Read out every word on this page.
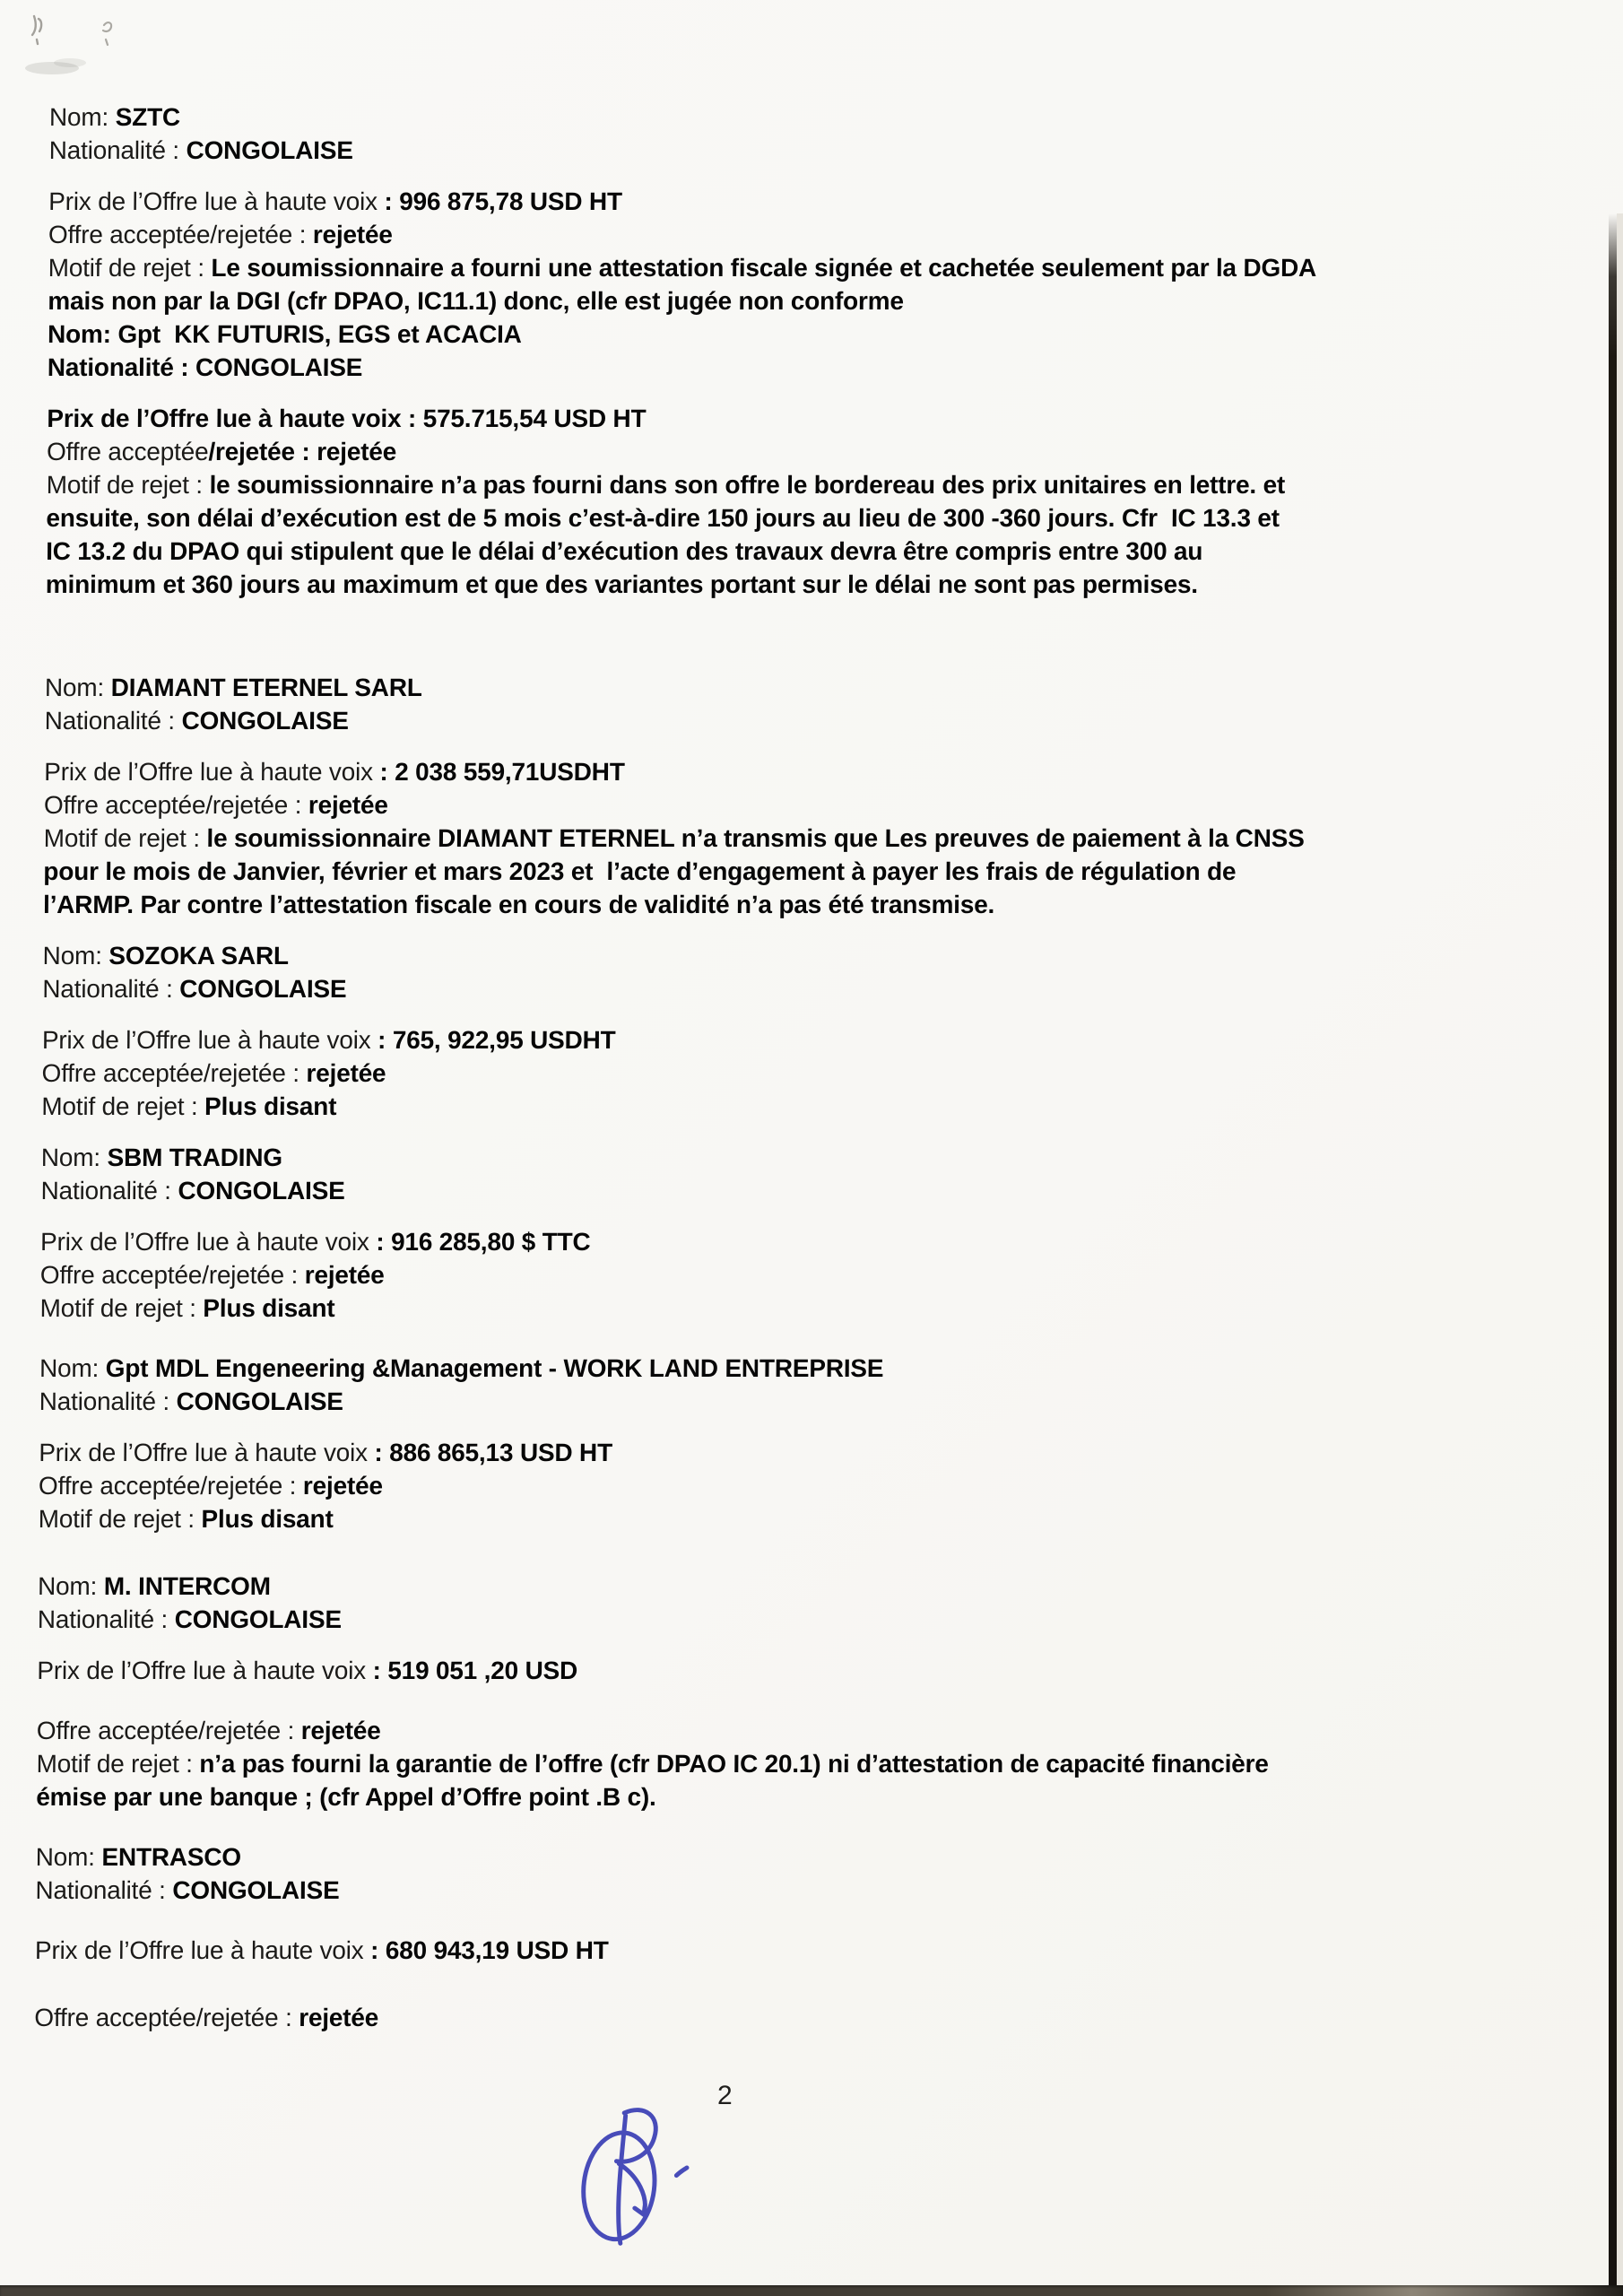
Nom: SZTC
Nationalité : CONGOLAISE
Prix de l’Offre lue à haute voix : 996 875,78 USD HT
Offre acceptée/rejetée : rejetée
Motif de rejet : Le soumissionnaire a fourni une attestation fiscale signée et cachetée seulement par la DGDA
mais non par la DGI (cfr DPAO, IC11.1) donc, elle est jugée non conforme
Nom: Gpt  KK FUTURIS, EGS et ACACIA
Nationalité : CONGOLAISE
Prix de l’Offre lue à haute voix : 575.715,54 USD HT
Offre acceptée/rejetée : rejetée
Motif de rejet : le soumissionnaire n’a pas fourni dans son offre le bordereau des prix unitaires en lettre. et
ensuite, son délai d’exécution est de 5 mois c’est-à-dire 150 jours au lieu de 300 -360 jours. Cfr  IC 13.3 et
IC 13.2 du DPAO qui stipulent que le délai d’exécution des travaux devra être compris entre 300 au
minimum et 360 jours au maximum et que des variantes portant sur le délai ne sont pas permises.
Nom: DIAMANT ETERNEL SARL
Nationalité : CONGOLAISE
Prix de l’Offre lue à haute voix : 2 038 559,71USDHT
Offre acceptée/rejetée : rejetée
Motif de rejet : le soumissionnaire DIAMANT ETERNEL n’a transmis que Les preuves de paiement à la CNSS
pour le mois de Janvier, février et mars 2023 et  l’acte d’engagement à payer les frais de régulation de
l’ARMP. Par contre l’attestation fiscale en cours de validité n’a pas été transmise.
Nom: SOZOKA SARL
Nationalité : CONGOLAISE
Prix de l’Offre lue à haute voix : 765, 922,95 USDHT
Offre acceptée/rejetée : rejetée
Motif de rejet : Plus disant
Nom: SBM TRADING
Nationalité : CONGOLAISE
Prix de l’Offre lue à haute voix : 916 285,80 $ TTC
Offre acceptée/rejetée : rejetée
Motif de rejet : Plus disant
Nom: Gpt MDL Engeneering &Management - WORK LAND ENTREPRISE
Nationalité : CONGOLAISE
Prix de l’Offre lue à haute voix : 886 865,13 USD HT
Offre acceptée/rejetée : rejetée
Motif de rejet : Plus disant
Nom: M. INTERCOM
Nationalité : CONGOLAISE
Prix de l’Offre lue à haute voix : 519 051 ,20 USD
Offre acceptée/rejetée : rejetée
Motif de rejet : n’a pas fourni la garantie de l’offre (cfr DPAO IC 20.1) ni d’attestation de capacité financière
émise par une banque ; (cfr Appel d’Offre point .B c).
Nom: ENTRASCO
Nationalité : CONGOLAISE
Prix de l’Offre lue à haute voix : 680 943,19 USD HT
Offre acceptée/rejetée : rejetée
2
